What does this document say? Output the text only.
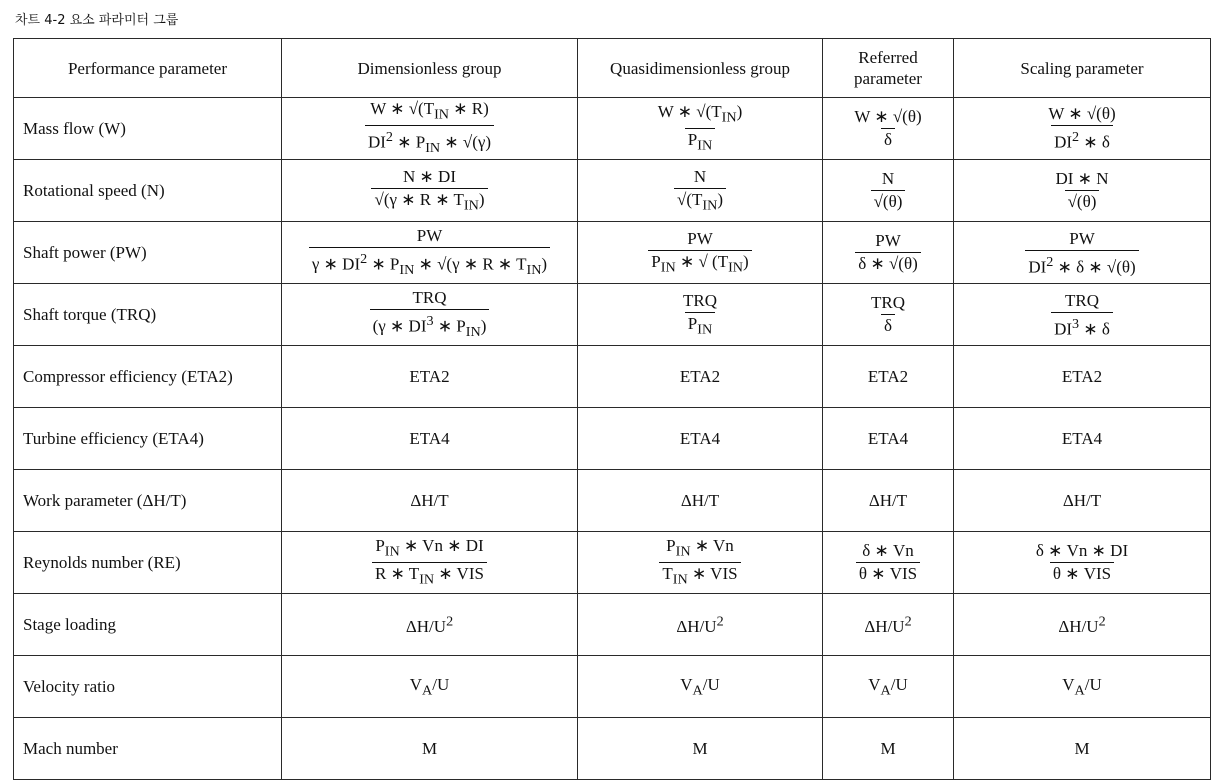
차트 4-2 요소 파라미터 그룹
Performance parameter	Dimensionless group	Quasidimensionless group	Referred parameter	Scaling parameter
Mass flow (W)	$\frac{W ∗ √(T_{IN} ∗ R)}{DI^2 ∗ P_{IN} ∗ √(\gamma)}$	$\frac{W ∗ √(T_{IN})}{P_{IN}}$	$\frac{W ∗ √(\theta)}{\delta}$	$\frac{W ∗ √(\theta)}{DI^2 ∗ \delta}$

Rotational speed (N)	$\frac{N ∗ DI}{√(\gamma ∗ R ∗ T_{IN})}$	$\frac{N}{√(T_{IN})}$	$\frac{N}{√(\theta)}$	$\frac{DI ∗ N}{√(\theta)}$

Shaft power (PW)	$\frac{PW}{\gamma ∗ DI^2 ∗ P_{IN} ∗ √(\gamma ∗ R ∗ T_{IN})}$	$\frac{PW}{P_{IN} ∗ √ (T_{IN})}$	$\frac{PW}{\delta ∗ √(\theta)}$	$\frac{PW}{DI^2 ∗ \delta ∗ √(\theta)}$

Shaft torque (TRQ)	$\frac{\text{TRQ}}{(\gamma ∗ DI^3 ∗ P_{IN})}$	$\frac{\text{TRQ}}{P_{IN}}$	$\frac{\text{TRQ}}{\delta}$	$\frac{\text{TRQ}}{DI^3 ∗ \delta}$

Compressor efficiency (ETA2)	ETA2	ETA2	ETA2	ETA2
Turbine efficiency (ETA4)	ETA4	ETA4	ETA4	ETA4
Work parameter (ΔH/T)	ΔH/T	ΔH/T	ΔH/T	ΔH/T
Reynolds number (RE)	$\frac{P_{IN} ∗ Vn ∗ DI}{R ∗ T_{IN} ∗ VIS}$	$\frac{P_{IN} ∗ Vn}{T_{IN} ∗ VIS}$	$\frac{\delta ∗ Vn}{\text{θ ∗ VIS}}$	$\frac{\delta ∗ Vn ∗ DI}{\text{θ ∗ VIS}}$

Stage loading	$\Delta H/U^2$	$\Delta H/U^2$	$\Delta H/U^2$	$\Delta H/U^2$
Velocity ratio	$V_A/U$	$V_A/U$	$V_A/U$	$V_A/U$
Mach number	M	M	M	M
